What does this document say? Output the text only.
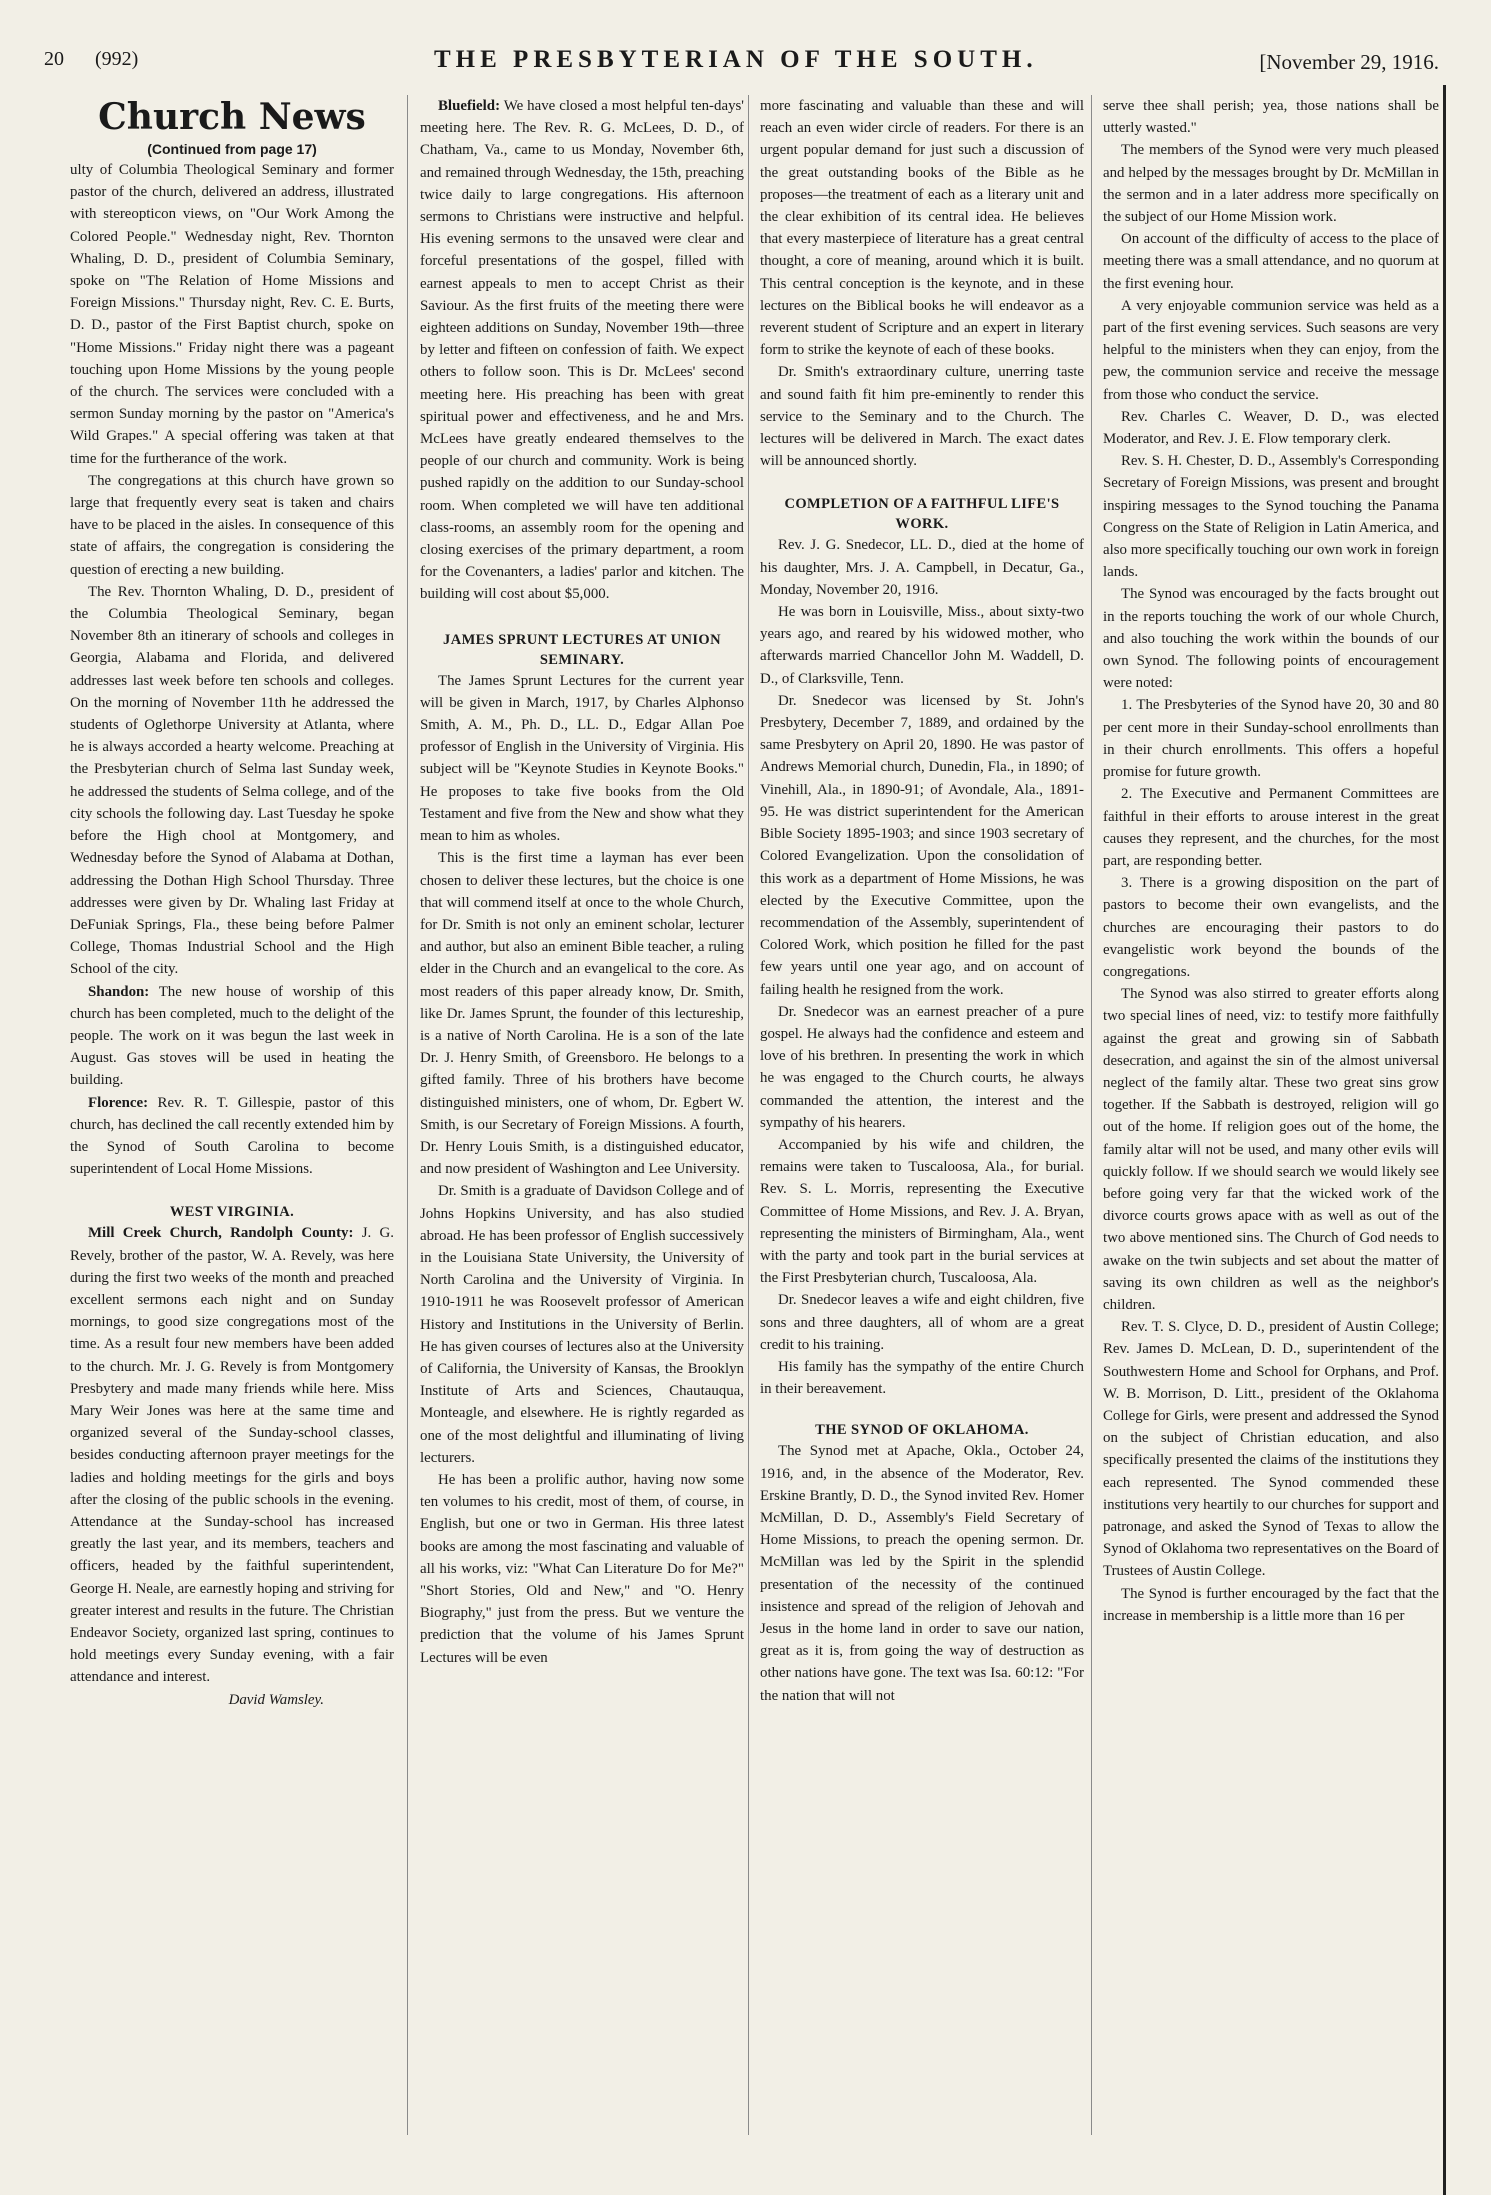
20 (992)	THE PRESBYTERIAN OF THE SOUTH.	[November 29, 1916.

Church News

(Continued from page 17)

ulty of Columbia Theological Seminary and former pastor of the church, delivered an address, illustrated with stereopticon views, on "Our Work Among the Colored People." Wednesday night, Rev. Thornton Whaling, D. D., president of Columbia Seminary, spoke on "The Relation of Home Missions and Foreign Missions." Thursday night, Rev. C. E. Burts, D. D., pastor of the First Baptist church, spoke on "Home Missions." Friday night there was a pageant touching upon Home Missions by the young people of the church. The services were concluded with a sermon Sunday morning by the pastor on "America's Wild Grapes." A special offering was taken at that time for the furtherance of the work.

The congregations at this church have grown so large that frequently every seat is taken and chairs have to be placed in the aisles. In consequence of this state of affairs, the congregation is considering the question of erecting a new building.

The Rev. Thornton Whaling, D. D., president of the Columbia Theological Seminary, began November 8th an itinerary of schools and colleges in Georgia, Alabama and Florida, and delivered addresses last week before ten schools and colleges. On the morning of November 11th he addressed the students of Oglethorpe University at Atlanta, where he is always accorded a hearty welcome. Preaching at the Presbyterian church of Selma last Sunday week, he addressed the students of Selma college, and of the city schools the following day. Last Tuesday he spoke before the High chool at Montgomery, and Wednesday before the Synod of Alabama at Dothan, addressing the Dothan High School Thursday. Three addresses were given by Dr. Whaling last Friday at DeFuniak Springs, Fla., these being before Palmer College, Thomas Industrial School and the High School of the city.

Shandon: The new house of worship of this church has been completed, much to the delight of the people. The work on it was begun the last week in August. Gas stoves will be used in heating the building.

Florence: Rev. R. T. Gillespie, pastor of this church, has declined the call recently extended him by the Synod of South Carolina to become superintendent of Local Home Missions.

WEST VIRGINIA.

Mill Creek Church, Randolph County: J. G. Revely, brother of the pastor, W. A. Revely, was here during the first two weeks of the month and preached excellent sermons each night and on Sunday mornings, to good size congregations most of the time. As a result four new members have been added to the church. Mr. J. G. Revely is from Montgomery Presbytery and made many friends while here. Miss Mary Weir Jones was here at the same time and organized several of the Sunday-school classes, besides conducting afternoon prayer meetings for the ladies and holding meetings for the girls and boys after the closing of the public schools in the evening. Attendance at the Sunday-school has increased greatly the last year, and its members, teachers and officers, headed by the faithful superintendent, George H. Neale, are earnestly hoping and striving for greater interest and results in the future. The Christian Endeavor Society, organized last spring, continues to hold meetings every Sunday evening, with a fair attendance and interest.

David Wamsley.

Bluefield: We have closed a most helpful ten-days' meeting here. The Rev. R. G. McLees, D. D., of Chatham, Va., came to us Monday, November 6th, and remained through Wednesday, the 15th, preaching twice daily to large congregations. His afternoon sermons to Christians were instructive and helpful. His evening sermons to the unsaved were clear and forceful presentations of the gospel, filled with earnest appeals to men to accept Christ as their Saviour. As the first fruits of the meeting there were eighteen additions on Sunday, November 19th—three by letter and fifteen on confession of faith. We expect others to follow soon. This is Dr. McLees' second meeting here. His preaching has been with great spiritual power and effectiveness, and he and Mrs. McLees have greatly endeared themselves to the people of our church and community. Work is being pushed rapidly on the addition to our Sunday-school room. When completed we will have ten additional class-rooms, an assembly room for the opening and closing exercises of the primary department, a room for the Covenanters, a ladies' parlor and kitchen. The building will cost about $5,000.

JAMES SPRUNT LECTURES AT UNION SEMINARY.

The James Sprunt Lectures for the current year will be given in March, 1917, by Charles Alphonso Smith, A. M., Ph. D., LL. D., Edgar Allan Poe professor of English in the University of Virginia. His subject will be "Keynote Studies in Keynote Books." He proposes to take five books from the Old Testament and five from the New and show what they mean to him as wholes.

This is the first time a layman has ever been chosen to deliver these lectures, but the choice is one that will commend itself at once to the whole Church, for Dr. Smith is not only an eminent scholar, lecturer and author, but also an eminent Bible teacher, a ruling elder in the Church and an evangelical to the core. As most readers of this paper already know, Dr. Smith, like Dr. James Sprunt, the founder of this lectureship, is a native of North Carolina. He is a son of the late Dr. J. Henry Smith, of Greensboro. He belongs to a gifted family. Three of his brothers have become distinguished ministers, one of whom, Dr. Egbert W. Smith, is our Secretary of Foreign Missions. A fourth, Dr. Henry Louis Smith, is a distinguished educator, and now president of Washington and Lee University.

Dr. Smith is a graduate of Davidson College and of Johns Hopkins University, and has also studied abroad. He has been professor of English successively in the Louisiana State University, the University of North Carolina and the University of Virginia. In 1910-1911 he was Roosevelt professor of American History and Institutions in the University of Berlin. He has given courses of lectures also at the University of California, the University of Kansas, the Brooklyn Institute of Arts and Sciences, Chautauqua, Monteagle, and elsewhere. He is rightly regarded as one of the most delightful and illuminating of living lecturers.

He has been a prolific author, having now some ten volumes to his credit, most of them, of course, in English, but one or two in German. His three latest books are among the most fascinating and valuable of all his works, viz: "What Can Literature Do for Me?" "Short Stories, Old and New," and "O. Henry Biography," just from the press. But we venture the prediction that the volume of his James Sprunt Lectures will be even

more fascinating and valuable than these and will reach an even wider circle of readers. For there is an urgent popular demand for just such a discussion of the great outstanding books of the Bible as he proposes—the treatment of each as a literary unit and the clear exhibition of its central idea. He believes that every masterpiece of literature has a great central thought, a core of meaning, around which it is built. This central conception is the keynote, and in these lectures on the Biblical books he will endeavor as a reverent student of Scripture and an expert in literary form to strike the keynote of each of these books.

Dr. Smith's extraordinary culture, unerring taste and sound faith fit him pre-eminently to render this service to the Seminary and to the Church. The lectures will be delivered in March. The exact dates will be announced shortly.

COMPLETION OF A FAITHFUL LIFE'S WORK.

Rev. J. G. Snedecor, LL. D., died at the home of his daughter, Mrs. J. A. Campbell, in Decatur, Ga., Monday, November 20, 1916.

He was born in Louisville, Miss., about sixty-two years ago, and reared by his widowed mother, who afterwards married Chancellor John M. Waddell, D. D., of Clarksville, Tenn.

Dr. Snedecor was licensed by St. John's Presbytery, December 7, 1889, and ordained by the same Presbytery on April 20, 1890. He was pastor of Andrews Memorial church, Dunedin, Fla., in 1890; of Vinehill, Ala., in 1890-91; of Avondale, Ala., 1891-95. He was district superintendent for the American Bible Society 1895-1903; and since 1903 secretary of Colored Evangelization. Upon the consolidation of this work as a department of Home Missions, he was elected by the Executive Committee, upon the recommendation of the Assembly, superintendent of Colored Work, which position he filled for the past few years until one year ago, and on account of failing health he resigned from the work.

Dr. Snedecor was an earnest preacher of a pure gospel. He always had the confidence and esteem and love of his brethren. In presenting the work in which he was engaged to the Church courts, he always commanded the attention, the interest and the sympathy of his hearers.

Accompanied by his wife and children, the remains were taken to Tuscaloosa, Ala., for burial. Rev. S. L. Morris, representing the Executive Committee of Home Missions, and Rev. J. A. Bryan, representing the ministers of Birmingham, Ala., went with the party and took part in the burial services at the First Presbyterian church, Tuscaloosa, Ala.

Dr. Snedecor leaves a wife and eight children, five sons and three daughters, all of whom are a great credit to his training.

His family has the sympathy of the entire Church in their bereavement.

THE SYNOD OF OKLAHOMA.

The Synod met at Apache, Okla., October 24, 1916, and, in the absence of the Moderator, Rev. Erskine Brantly, D. D., the Synod invited Rev. Homer McMillan, D. D., Assembly's Field Secretary of Home Missions, to preach the opening sermon. Dr. McMillan was led by the Spirit in the splendid presentation of the necessity of the continued insistence and spread of the religion of Jehovah and Jesus in the home land in order to save our nation, great as it is, from going the way of destruction as other nations have gone. The text was Isa. 60:12: "For the nation that will not

serve thee shall perish; yea, those nations shall be utterly wasted."

The members of the Synod were very much pleased and helped by the messages brought by Dr. McMillan in the sermon and in a later address more specifically on the subject of our Home Mission work.

On account of the difficulty of access to the place of meeting there was a small attendance, and no quorum at the first evening hour.

A very enjoyable communion service was held as a part of the first evening services. Such seasons are very helpful to the ministers when they can enjoy, from the pew, the communion service and receive the message from those who conduct the service.

Rev. Charles C. Weaver, D. D., was elected Moderator, and Rev. J. E. Flow temporary clerk.

Rev. S. H. Chester, D. D., Assembly's Corresponding Secretary of Foreign Missions, was present and brought inspiring messages to the Synod touching the Panama Congress on the State of Religion in Latin America, and also more specifically touching our own work in foreign lands.

The Synod was encouraged by the facts brought out in the reports touching the work of our whole Church, and also touching the work within the bounds of our own Synod. The following points of encouragement were noted:

1. The Presbyteries of the Synod have 20, 30 and 80 per cent more in their Sunday-school enrollments than in their church enrollments. This offers a hopeful promise for future growth.

2. The Executive and Permanent Committees are faithful in their efforts to arouse interest in the great causes they represent, and the churches, for the most part, are responding better.

3. There is a growing disposition on the part of pastors to become their own evangelists, and the churches are encouraging their pastors to do evangelistic work beyond the bounds of the congregations.

The Synod was also stirred to greater efforts along two special lines of need, viz: to testify more faithfully against the great and growing sin of Sabbath desecration, and against the sin of the almost universal neglect of the family altar. These two great sins grow together. If the Sabbath is destroyed, religion will go out of the home. If religion goes out of the home, the family altar will not be used, and many other evils will quickly follow. If we should search we would likely see before going very far that the wicked work of the divorce courts grows apace with as well as out of the two above mentioned sins. The Church of God needs to awake on the twin subjects and set about the matter of saving its own children as well as the neighbor's children.

Rev. T. S. Clyce, D. D., president of Austin College; Rev. James D. McLean, D. D., superintendent of the Southwestern Home and School for Orphans, and Prof. W. B. Morrison, D. Litt., president of the Oklahoma College for Girls, were present and addressed the Synod on the subject of Christian education, and also specifically presented the claims of the institutions they each represented. The Synod commended these institutions very heartily to our churches for support and patronage, and asked the Synod of Texas to allow the Synod of Oklahoma two representatives on the Board of Trustees of Austin College.

The Synod is further encouraged by the fact that the increase in membership is a little more than 16 per
